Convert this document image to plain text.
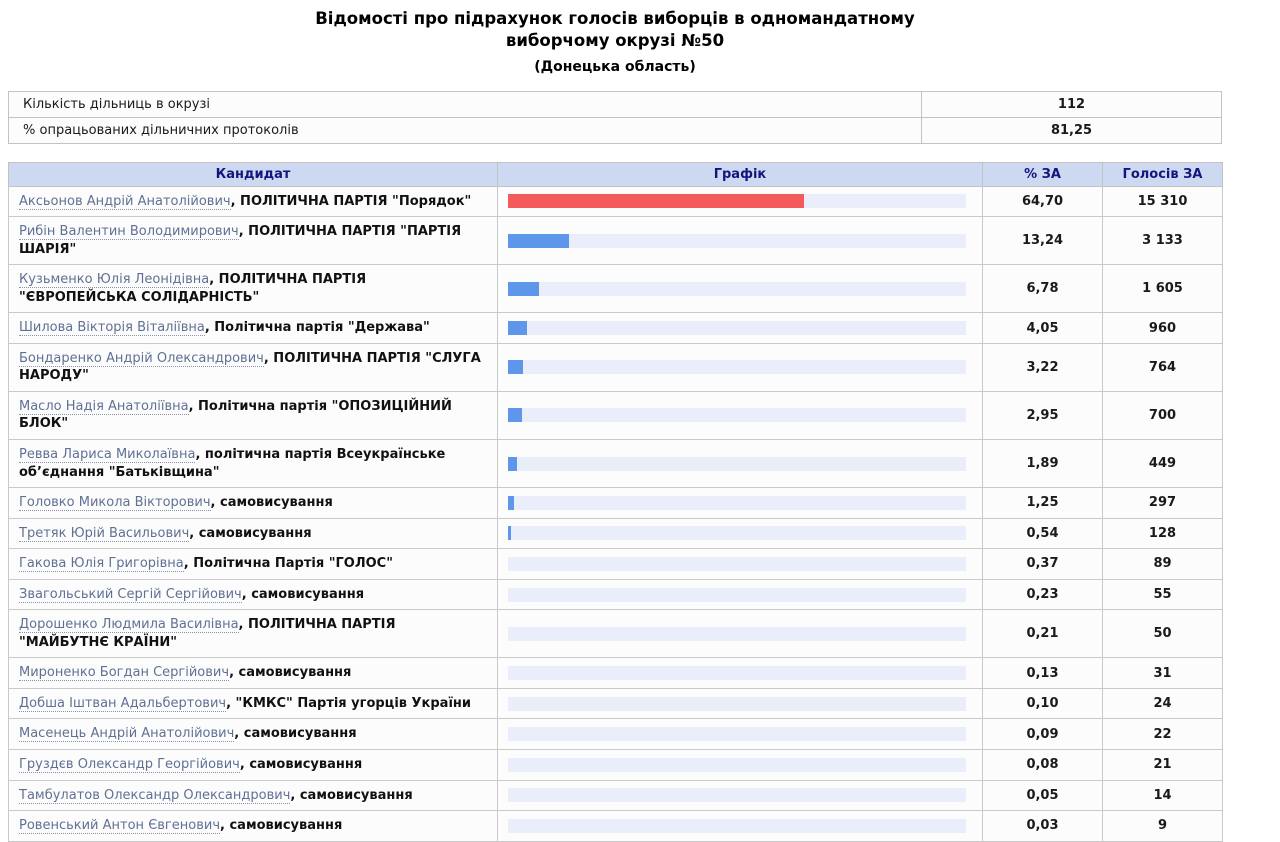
Відомості про підрахунок голосів виборців в одномандатному виборчому окрузі №50
(Донецька область)
Кількість дільниць в окрузі	112
% опрацьованих дільничних протоколів	81,25
Кандидат	Графік	% ЗА	Голосів ЗА
Аксьонов Андрій Анатолійович, ПОЛІТИЧНА ПАРТІЯ "Порядок"		64,70	15 310
Рибін Валентин Володимирович, ПОЛІТИЧНА ПАРТІЯ "ПАРТІЯ ШАРІЯ"		13,24	3 133
Кузьменко Юлія Леонідівна, ПОЛІТИЧНА ПАРТІЯ "ЄВРОПЕЙСЬКА СОЛІДАРНІСТЬ"		6,78	1 605
Шилова Вікторія Віталіївна, Політична партія "Держава"		4,05	960
Бондаренко Андрій Олександрович, ПОЛІТИЧНА ПАРТІЯ "СЛУГА НАРОДУ"		3,22	764
Масло Надія Анатоліївна, Політична партія "ОПОЗИЦІЙНИЙ БЛОК"		2,95	700
Ревва Лариса Миколаївна, політична партія Всеукраїнське об’єднання "Батьківщина"		1,89	449
Головко Микола Вікторович, самовисування		1,25	297
Третяк Юрій Васильович, самовисування		0,54	128
Гакова Юлія Григорівна, Політична Партія "ГОЛОС"		0,37	89
Звагольський Сергій Сергійович, самовисування		0,23	55
Дорошенко Людмила Василівна, ПОЛІТИЧНА ПАРТІЯ "МАЙБУТНЄ КРАЇНИ"		0,21	50
Мироненко Богдан Сергійович, самовисування		0,13	31
Добша Іштван Адальбертович, "КМКС" Партія угорців України		0,10	24
Масенець Андрій Анатолійович, самовисування		0,09	22
Груздєв Олександр Георгійович, самовисування		0,08	21
Тамбулатов Олександр Олександрович, самовисування		0,05	14
Ровенський Антон Євгенович, самовисування		0,03	9
